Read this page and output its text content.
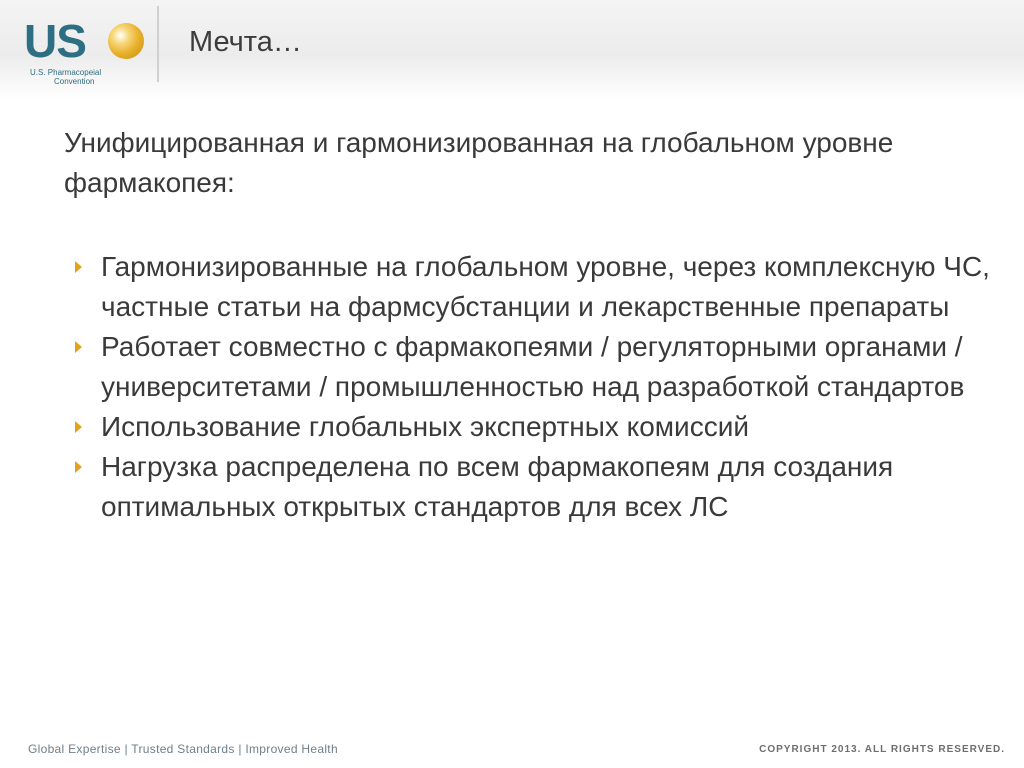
US
U.S. Pharmacopeial
Convention
Мечта…

Унифицированная и гармонизированная на глобальном уровне фармакопея:

Гармонизированные на глобальном уровне, через комплексную ЧС, частные статьи на фармсубстанции и лекарственные препараты
Работает совместно с фармакопеями / регуляторными органами / университетами / промышленностью над разработкой стандартов
Использование глобальных экспертных комиссий
Нагрузка распределена по всем фармакопеям для создания оптимальных открытых стандартов для всех ЛС
Global Expertise | Trusted Standards | Improved Health	COPYRIGHT 2013. ALL RIGHTS RESERVED.
